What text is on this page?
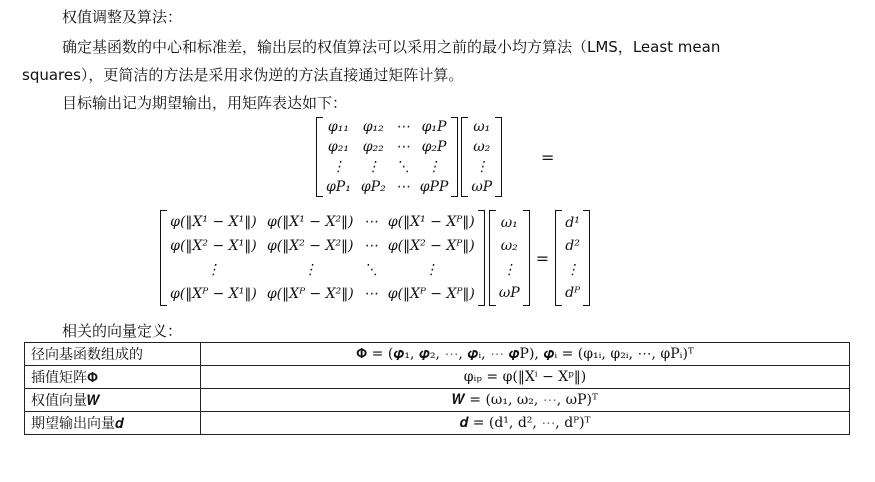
权值调整及算法：
确定基函数的中心和标准差，输出层的权值算法可以采用之前的最小均方算法（LMS，Least mean
squares），更简洁的方法是采用求伪逆的方法直接通过矩阵计算。
目标输出记为期望输出，用矩阵表达如下：
φ₁₁ φ₁₂ ⋯ φ₁P
φ₂₁ φ₂₂ ⋯ φ₂P
⋮	⋮	⋱	⋮
φP₁ φP₂ ⋯ φPP
ω₁
ω₂
⋮
ωP
=
φ(‖X¹ − X¹‖) φ(‖X¹ − X²‖) ⋯ φ(‖X¹ − Xᴾ‖)
φ(‖X² − X¹‖) φ(‖X² − X²‖) ⋯ φ(‖X² − Xᴾ‖)
⋮	⋮	⋱	⋮
φ(‖Xᴾ − X¹‖) φ(‖Xᴾ − X²‖) ⋯ φ(‖Xᴾ − Xᴾ‖)
ω₁
ω₂
⋮
ωP
=
d¹
d²
⋮
dᴾ
相关的向量定义：
径向基函数组成的	𝚽 = (𝝋₁, 𝝋₂, ⋯, 𝝋ᵢ, ⋯ 𝝋P), 𝝋ᵢ = (φ₁ᵢ, φ₂ᵢ, ⋯, φPᵢ)ᵀ
插值矩阵𝚽	φᵢₚ = φ(‖Xⁱ − Xᵖ‖)
权值向量𝑾	𝑾 = (ω₁, ω₂, ⋯, ωP)ᵀ
期望输出向量𝒅	𝒅 = (d¹, d², ⋯, dᴾ)ᵀ
